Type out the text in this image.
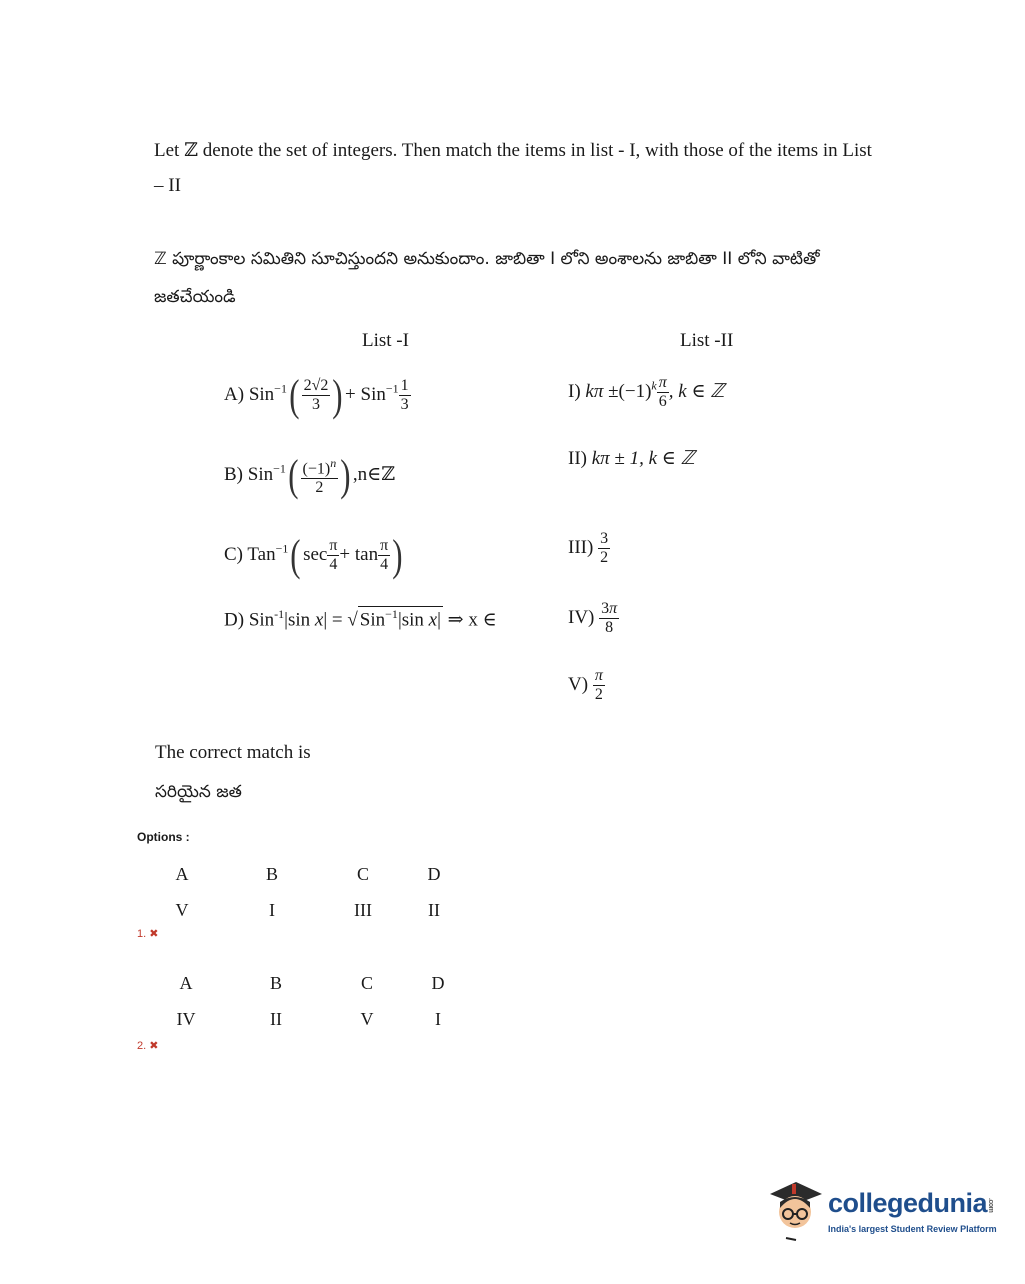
Let ℤ denote the set of integers. Then match the items in list - I, with those of the items in List – II
ℤ పూర్ణాంకాల సమితిని సూచిస్తుందని అనుకుందాం. జాబితా I లోని అంశాలను జాబితా II లోని వాటితో జతచేయండి
List -I	List -II
A) $Sin^{-1}( \frac{2√2}{3}$ ) + $Sin^{-1} \frac{1}{3}$
B) $Sin^{-1}( \frac{(-1)^n}{2}$ ) ,n∈ℤ
C) Tan$^{-1}$( $\sec \frac{\pi}{4} + \tan \frac{\pi}{4}$ )
D) Sin$^{-1}$|sin x| = √ Sin$^{-1}$|sin x| ⇒ x ∈
I) $k\pi \pm(-1)^k \frac{\pi}{6}$ , k ∈ ℤ
II) kπ ± 1, k ∈ ℤ
$III) \frac{3}{2}$
$IV) \frac{3\pi}{8}$
$V) \frac{\pi}{2}$
The correct match is
సరియైన జత
Options :
A	B	C	D
V	I	III	II
1. ✖
A	B	C	D
IV	II	V	I
2. ✖
collegedunia.com
India's largest Student Review Platform
